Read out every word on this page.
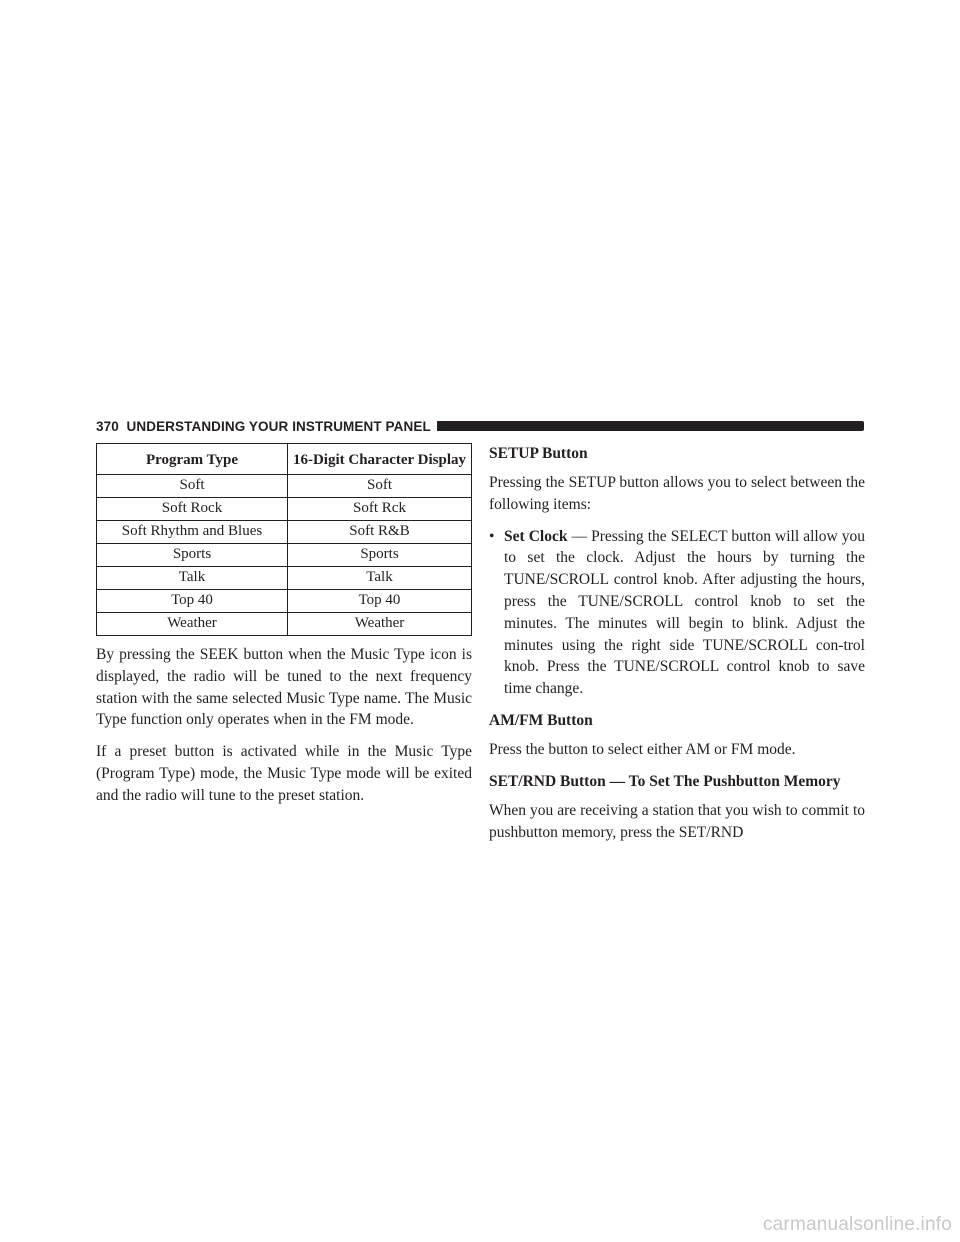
370 UNDERSTANDING YOUR INSTRUMENT PANEL
Program Type	16-Digit Character Display
Soft	Soft
Soft Rock	Soft Rck
Soft Rhythm and Blues	Soft R&B
Sports	Sports
Talk	Talk
Top 40	Top 40
Weather	Weather

By pressing the SEEK button when the Music Type icon is displayed, the radio will be tuned to the next frequency station with the same selected Music Type name. The Music Type function only operates when in the FM mode.

If a preset button is activated while in the Music Type (Program Type) mode, the Music Type mode will be exited and the radio will tune to the preset station.

SETUP Button

Pressing the SETUP button allows you to select between the following items:

• Set Clock — Pressing the SELECT button will allow you to set the clock. Adjust the hours by turning the TUNE/SCROLL control knob. After adjusting the hours, press the TUNE/SCROLL control knob to set the minutes. The minutes will begin to blink. Adjust the minutes using the right side TUNE/SCROLL con-trol knob. Press the TUNE/SCROLL control knob to save time change.
AM/FM Button

Press the button to select either AM or FM mode.

SET/RND Button — To Set The Pushbutton Memory

When you are receiving a station that you wish to commit to pushbutton memory, press the SET/RND

carmanualsonline.info
